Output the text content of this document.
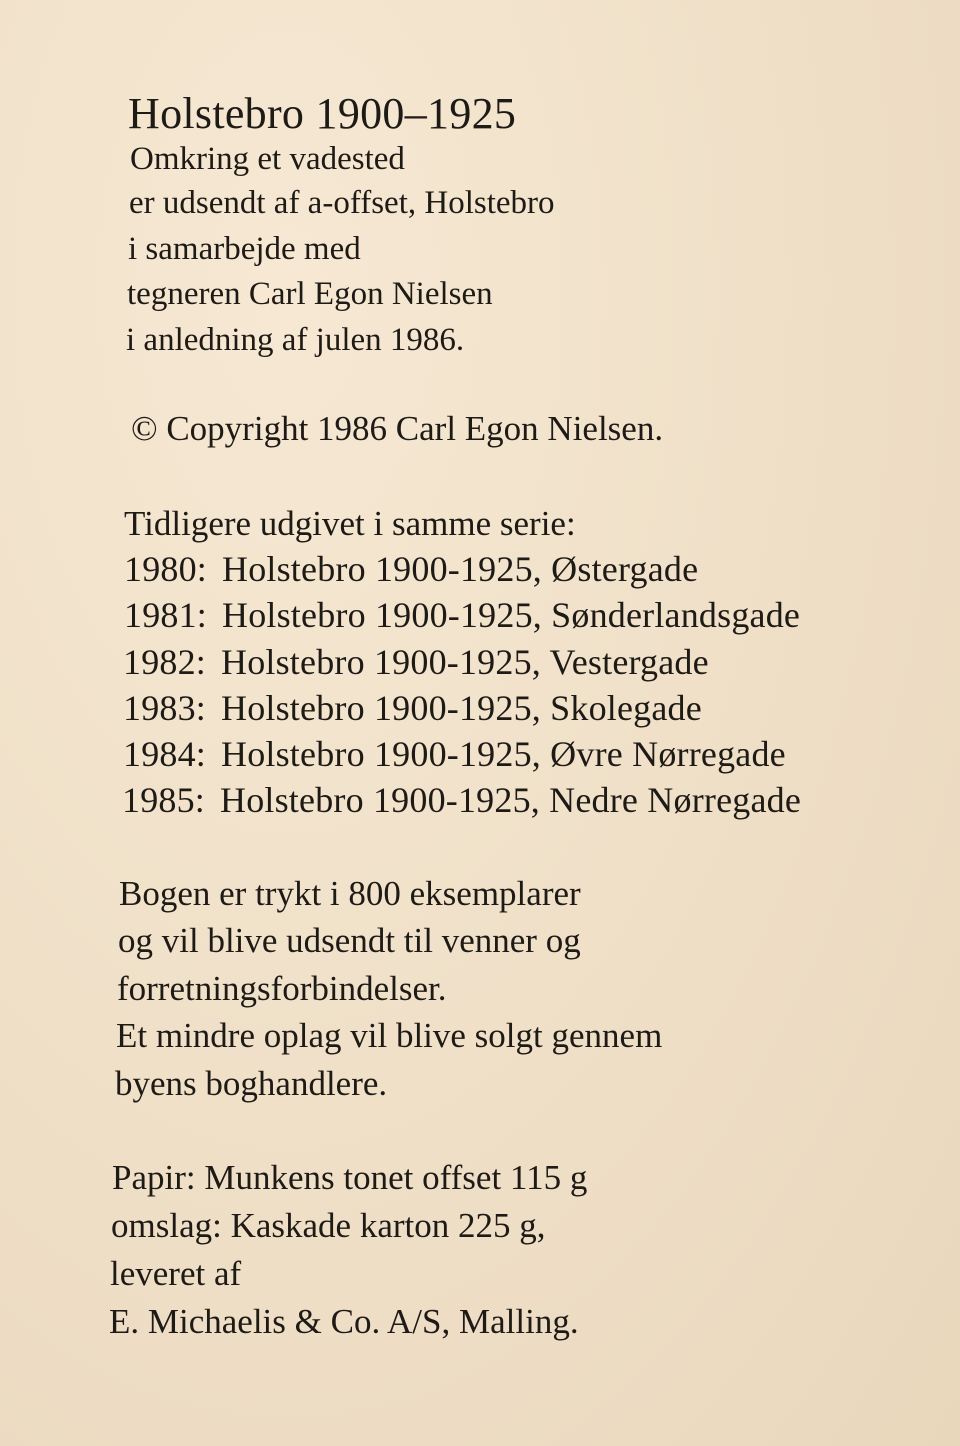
Holstebro 1900–1925
Omkring et vadested
er udsendt af a-offset, Holstebro
i samarbejde med
tegneren Carl Egon Nielsen
i anledning af julen 1986.
© Copyright 1986 Carl Egon Nielsen.
Tidligere udgivet i samme serie:
1980: Holstebro 1900-1925, Østergade
1981: Holstebro 1900-1925, Sønderlandsgade
1982: Holstebro 1900-1925, Vestergade
1983: Holstebro 1900-1925, Skolegade
1984: Holstebro 1900-1925, Øvre Nørregade
1985: Holstebro 1900-1925, Nedre Nørregade
Bogen er trykt i 800 eksemplarer
og vil blive udsendt til venner og
forretningsforbindelser.
Et mindre oplag vil blive solgt gennem
byens boghandlere.
Papir: Munkens tonet offset 115 g
omslag: Kaskade karton 225 g,
leveret af
E. Michaelis & Co. A/S, Malling.
